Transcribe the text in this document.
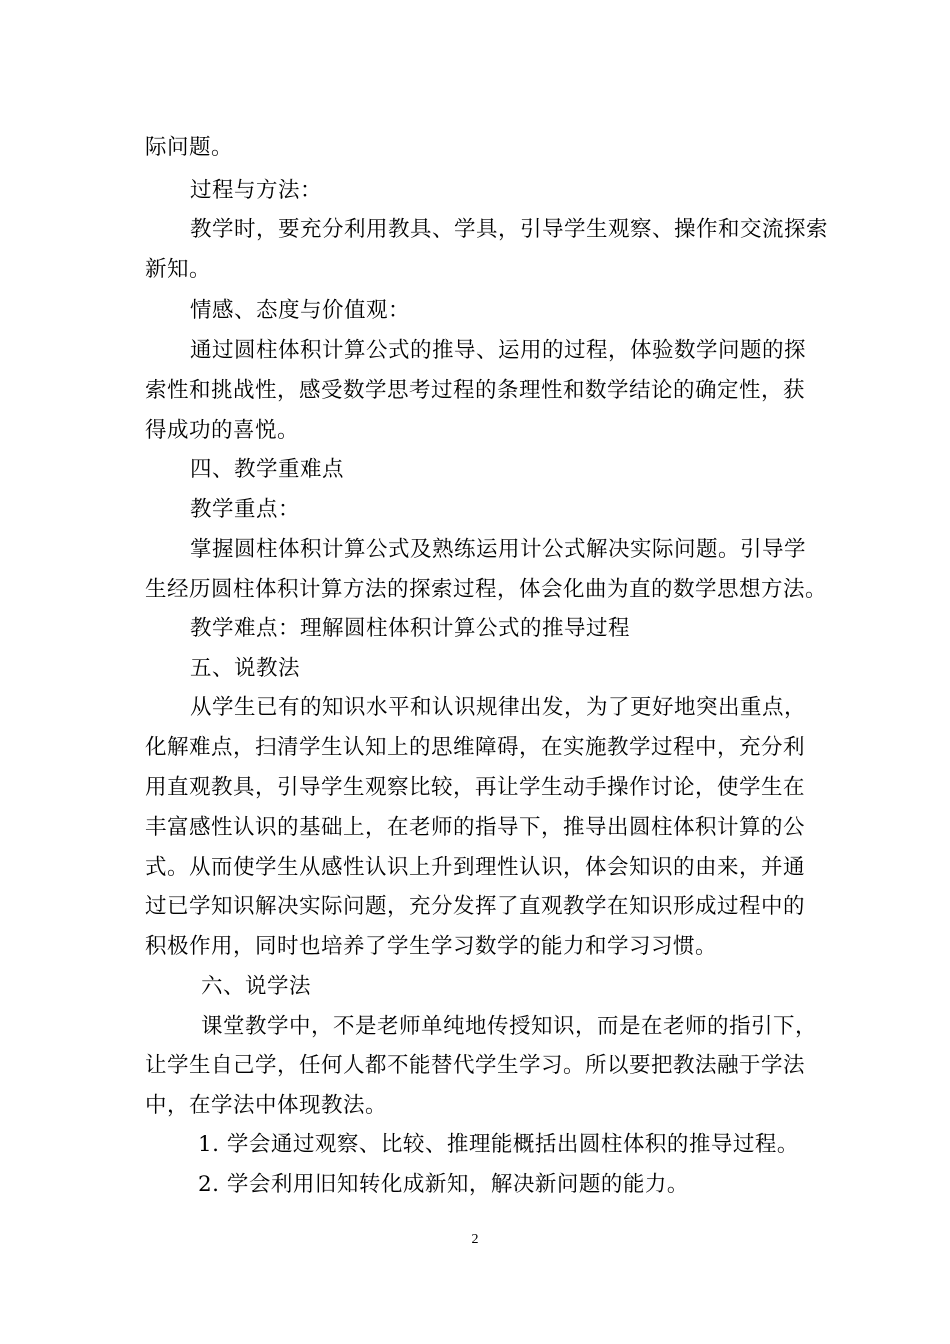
际问题。
过程与方法：
教学时，要充分利用教具、学具，引导学生观察、操作和交流探索
新知。
情感、态度与价值观：
通过圆柱体积计算公式的推导、运用的过程，体验数学问题的探
索性和挑战性，感受数学思考过程的条理性和数学结论的确定性，获
得成功的喜悦。
四、教学重难点
教学重点：
掌握圆柱体积计算公式及熟练运用计公式解决实际问题。引导学
生经历圆柱体积计算方法的探索过程，体会化曲为直的数学思想方法。
教学难点：理解圆柱体积计算公式的推导过程
五、说教法
从学生已有的知识水平和认识规律出发，为了更好地突出重点，
化解难点，扫清学生认知上的思维障碍，在实施教学过程中，充分利
用直观教具，引导学生观察比较，再让学生动手操作讨论，使学生在
丰富感性认识的基础上，在老师的指导下，推导出圆柱体积计算的公
式。从而使学生从感性认识上升到理性认识，体会知识的由来，并通
过已学知识解决实际问题，充分发挥了直观教学在知识形成过程中的
积极作用，同时也培养了学生学习数学的能力和学习习惯。
六、说学法
课堂教学中，不是老师单纯地传授知识，而是在老师的指引下，
让学生自己学，任何人都不能替代学生学习。所以要把教法融于学法
中，在学法中体现教法。
1. 学会通过观察、比较、推理能概括出圆柱体积的推导过程。
2. 学会利用旧知转化成新知，解决新问题的能力。
2
